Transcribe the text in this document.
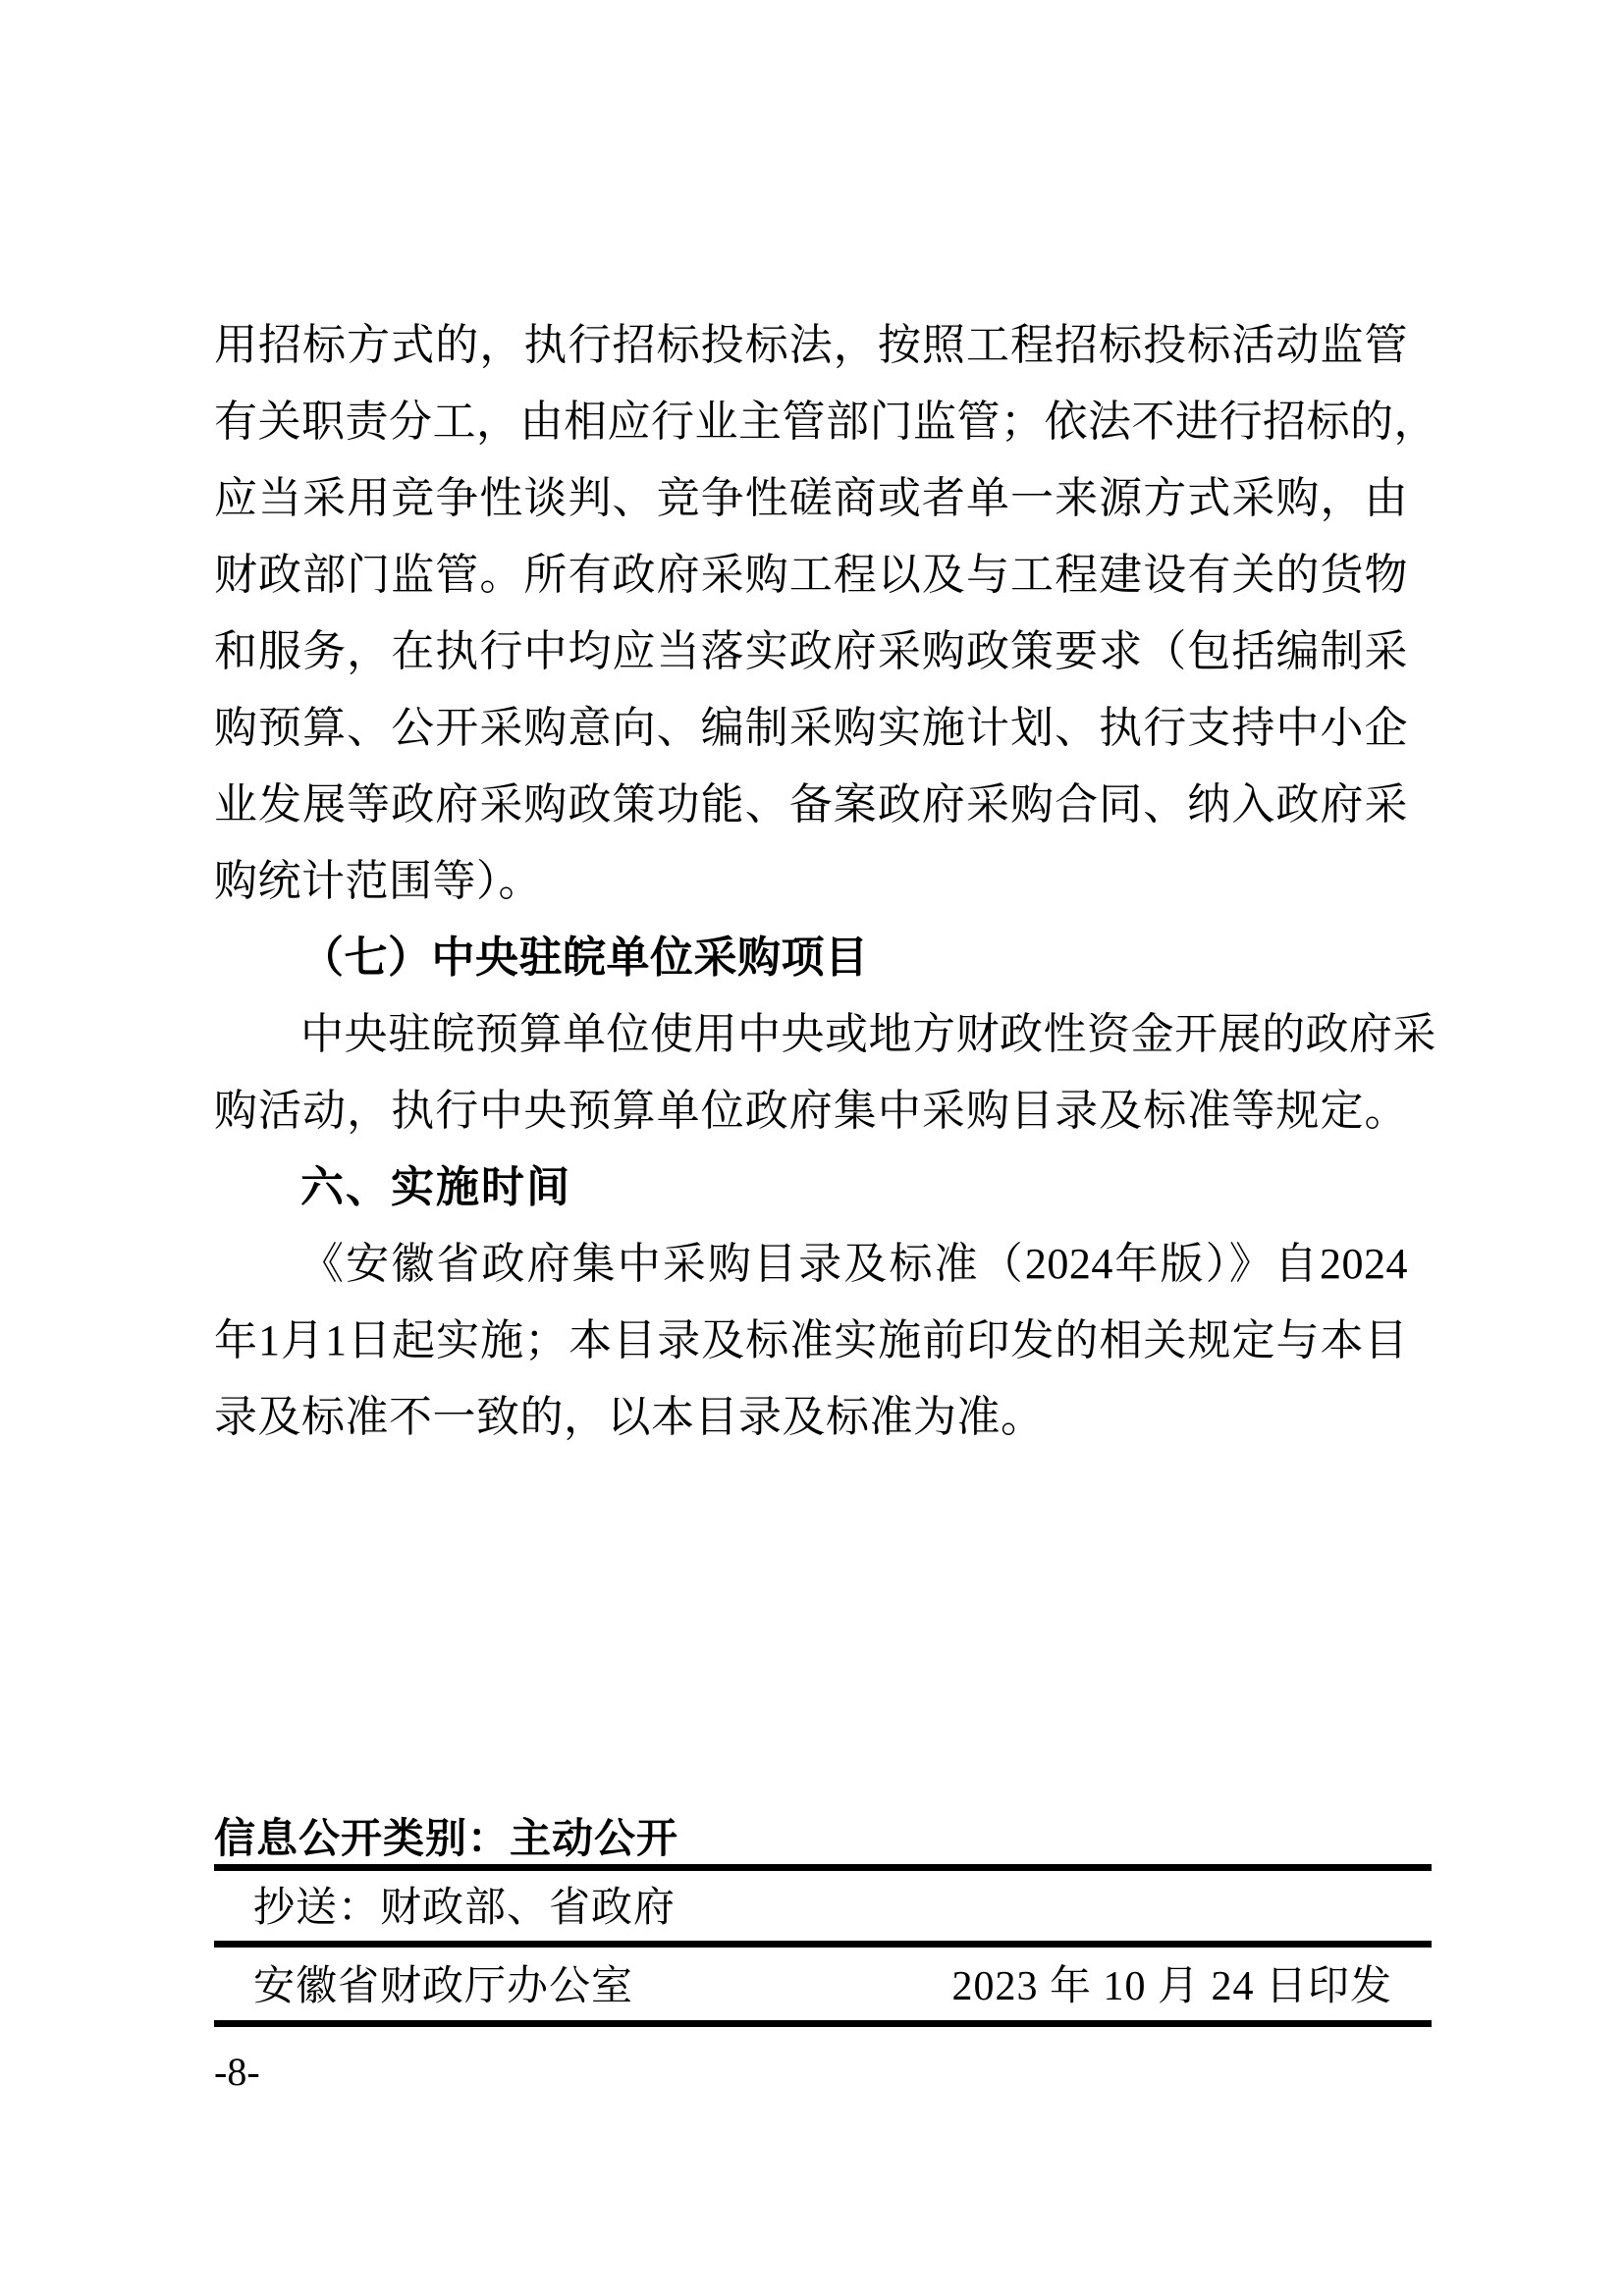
用招标方式的，执行招标投标法，按照工程招标投标活动监管
有关职责分工，由相应行业主管部门监管；依法不进行招标的，
应当采用竞争性谈判、竞争性磋商或者单一来源方式采购，由
财政部门监管。所有政府采购工程以及与工程建设有关的货物
和服务，在执行中均应当落实政府采购政策要求（包括编制采
购预算、公开采购意向、编制采购实施计划、执行支持中小企
业发展等政府采购政策功能、备案政府采购合同、纳入政府采
购统计范围等）。
（七）中央驻皖单位采购项目
中央驻皖预算单位使用中央或地方财政性资金开展的政府采
购活动，执行中央预算单位政府集中采购目录及标准等规定。
六、实施时间
《安徽省政府集中采购目录及标准（2024年版）》自2024
年1月1日起实施；本目录及标准实施前印发的相关规定与本目
录及标准不一致的，以本目录及标准为准。
信息公开类别：主动公开
抄送：财政部、省政府
安徽省财政厅办公室	2023 年 10 月 24 日印发
-8-
